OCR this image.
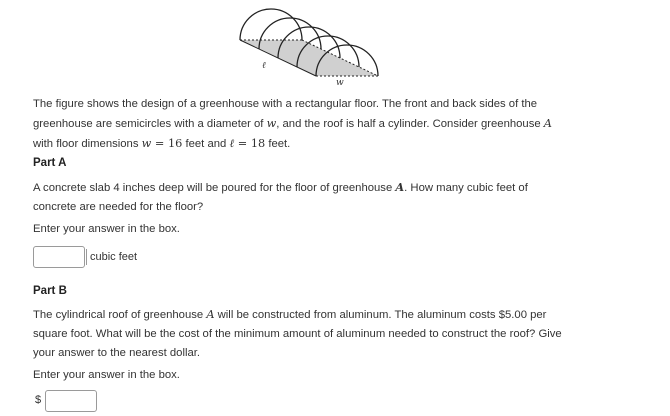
ℓ
w
The figure shows the design of a greenhouse with a rectangular floor. The front and back sides of the
greenhouse are semicircles with a diameter of w, and the roof is half a cylinder. Consider greenhouse A
with floor dimensions w = 16 feet and ℓ = 18 feet.
Part A
A concrete slab 4 inches deep will be poured for the floor of greenhouse A. How many cubic feet of
concrete are needed for the floor?
Enter your answer in the box.
cubic feet
Part B
The cylindrical roof of greenhouse A will be constructed from aluminum. The aluminum costs $5.00 per
square foot. What will be the cost of the minimum amount of aluminum needed to construct the roof? Give
your answer to the nearest dollar.
Enter your answer in the box.
$
